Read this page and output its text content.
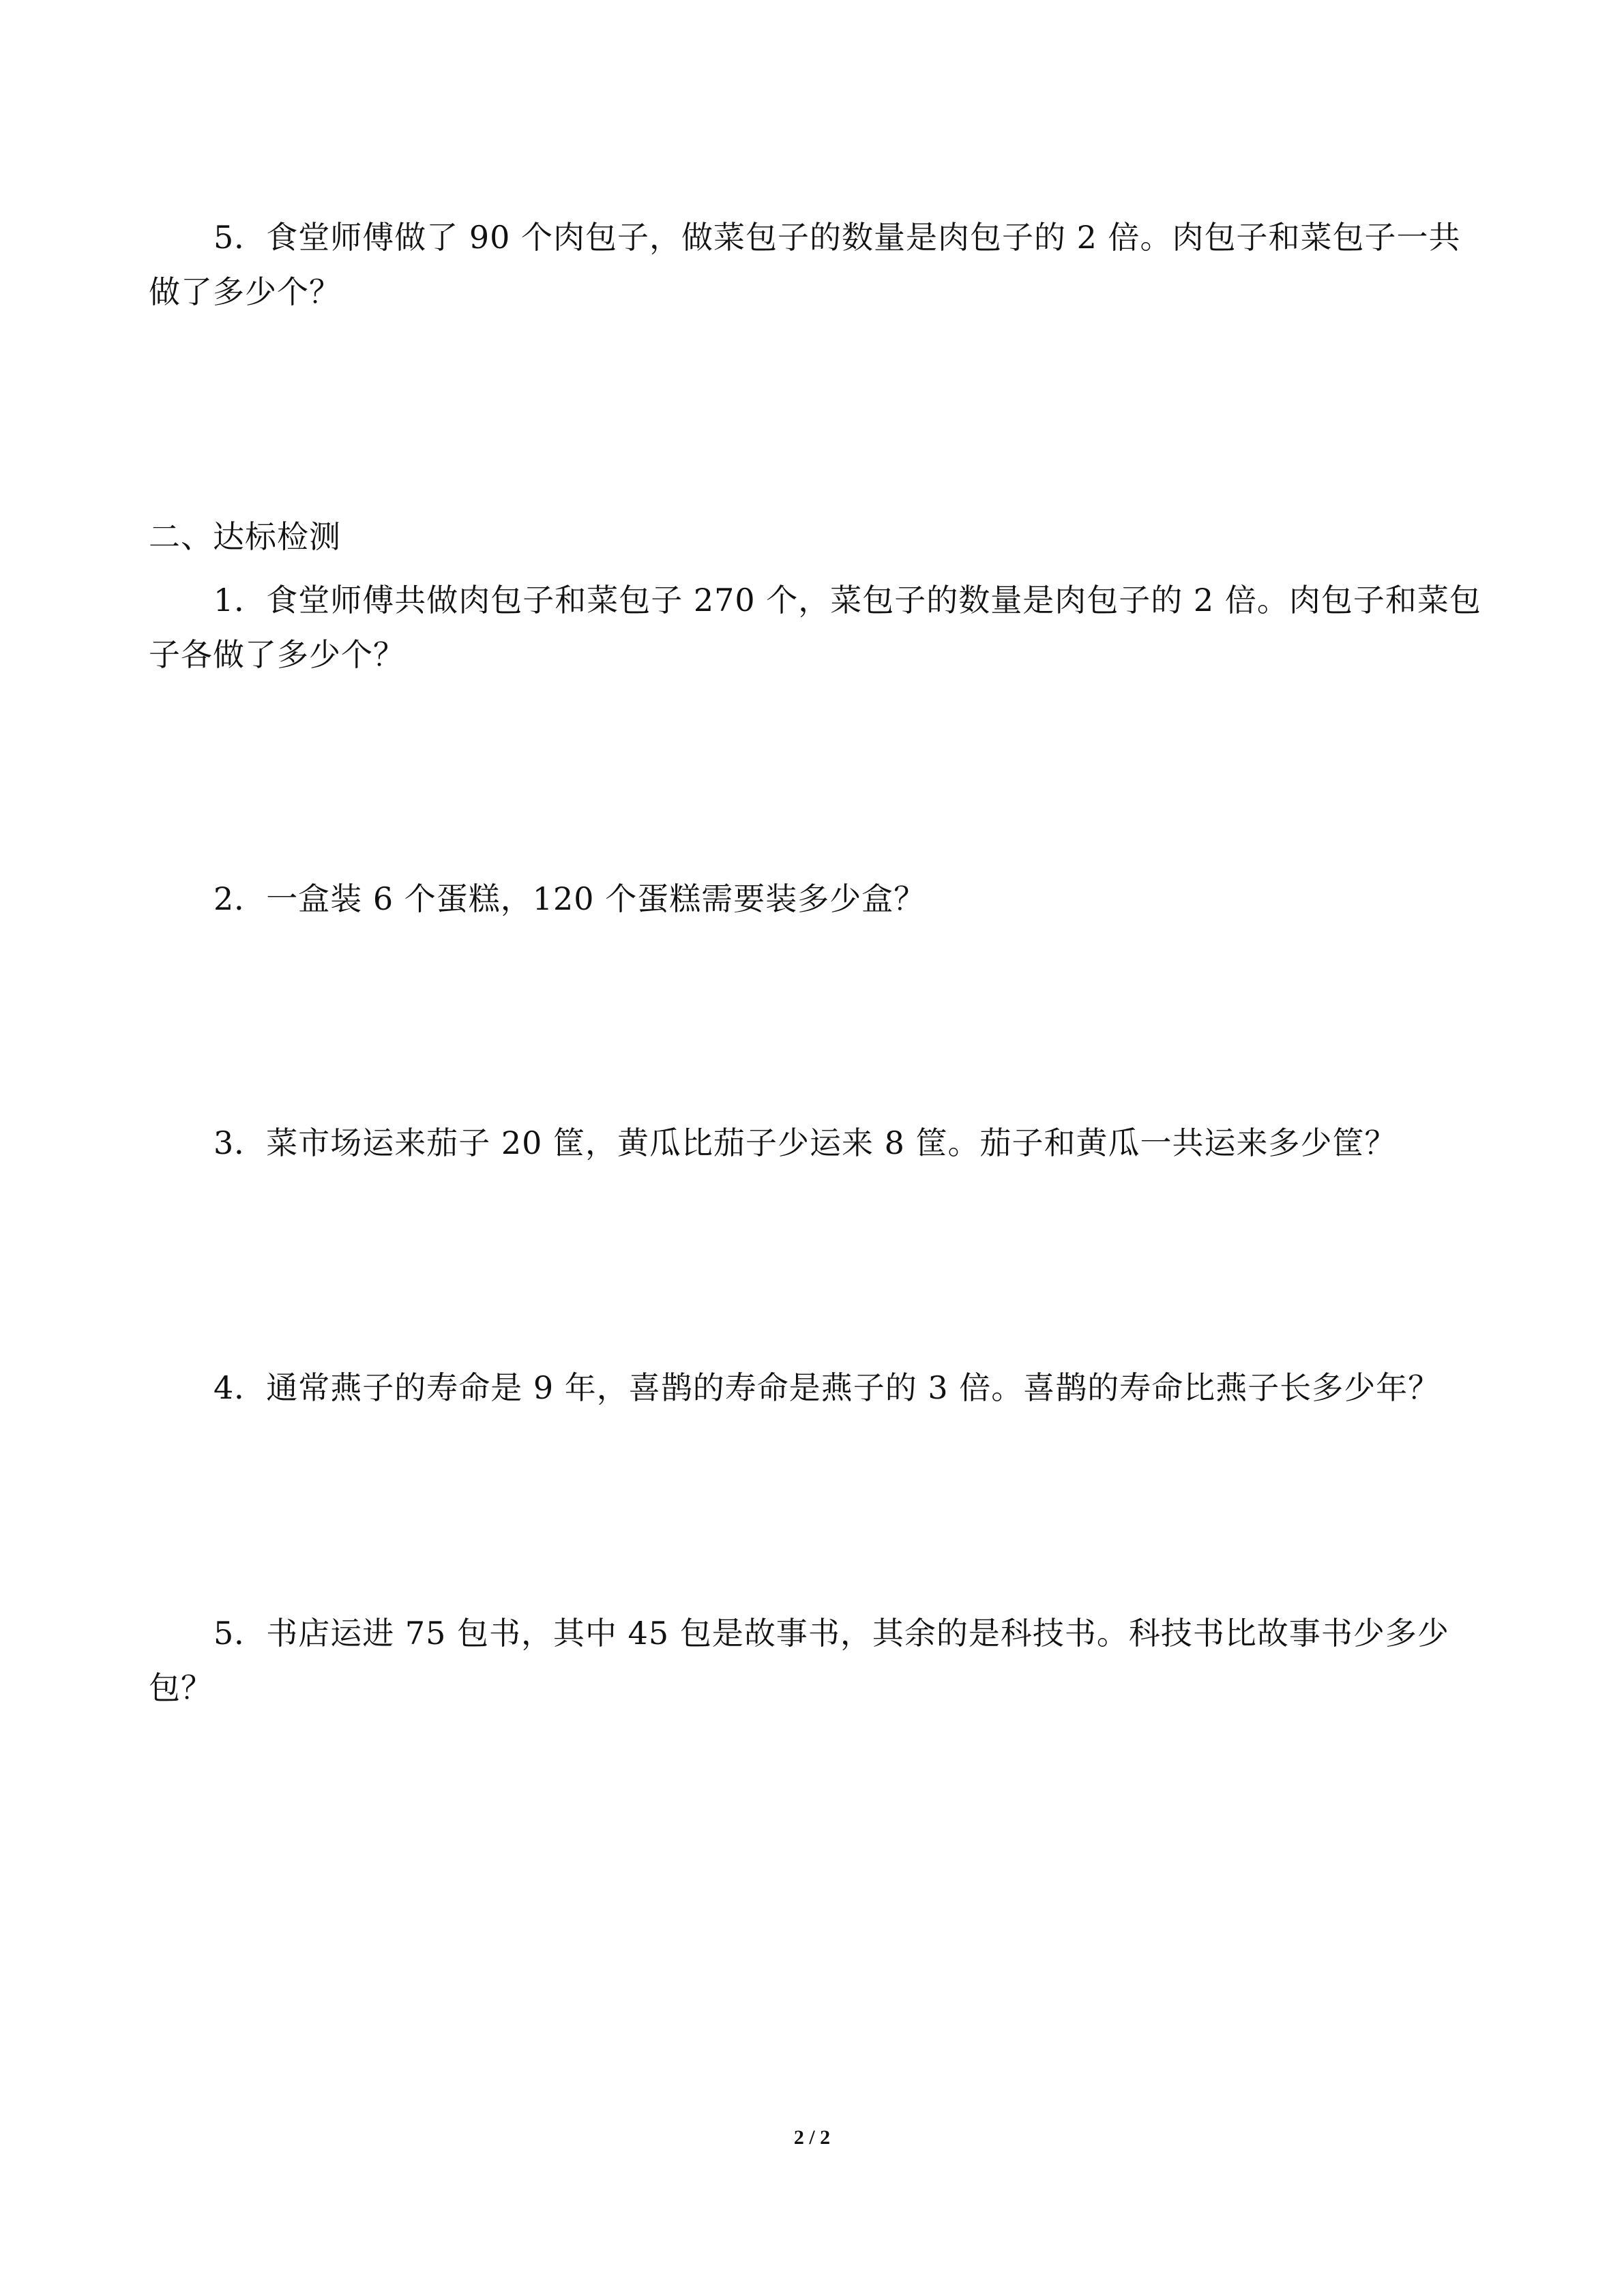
5．食堂师傅做了 90 个肉包子，做菜包子的数量是肉包子的 2 倍。肉包子和菜包子一共
做了多少个？
二、达标检测
1．食堂师傅共做肉包子和菜包子 270 个，菜包子的数量是肉包子的 2 倍。肉包子和菜包
子各做了多少个？
2．一盒装 6 个蛋糕，120 个蛋糕需要装多少盒？
3．菜市场运来茄子 20 筐，黄瓜比茄子少运来 8 筐。茄子和黄瓜一共运来多少筐？
4．通常燕子的寿命是 9 年，喜鹊的寿命是燕子的 3 倍。喜鹊的寿命比燕子长多少年？
5．书店运进 75 包书，其中 45 包是故事书，其余的是科技书。科技书比故事书少多少
包？
2 / 2
